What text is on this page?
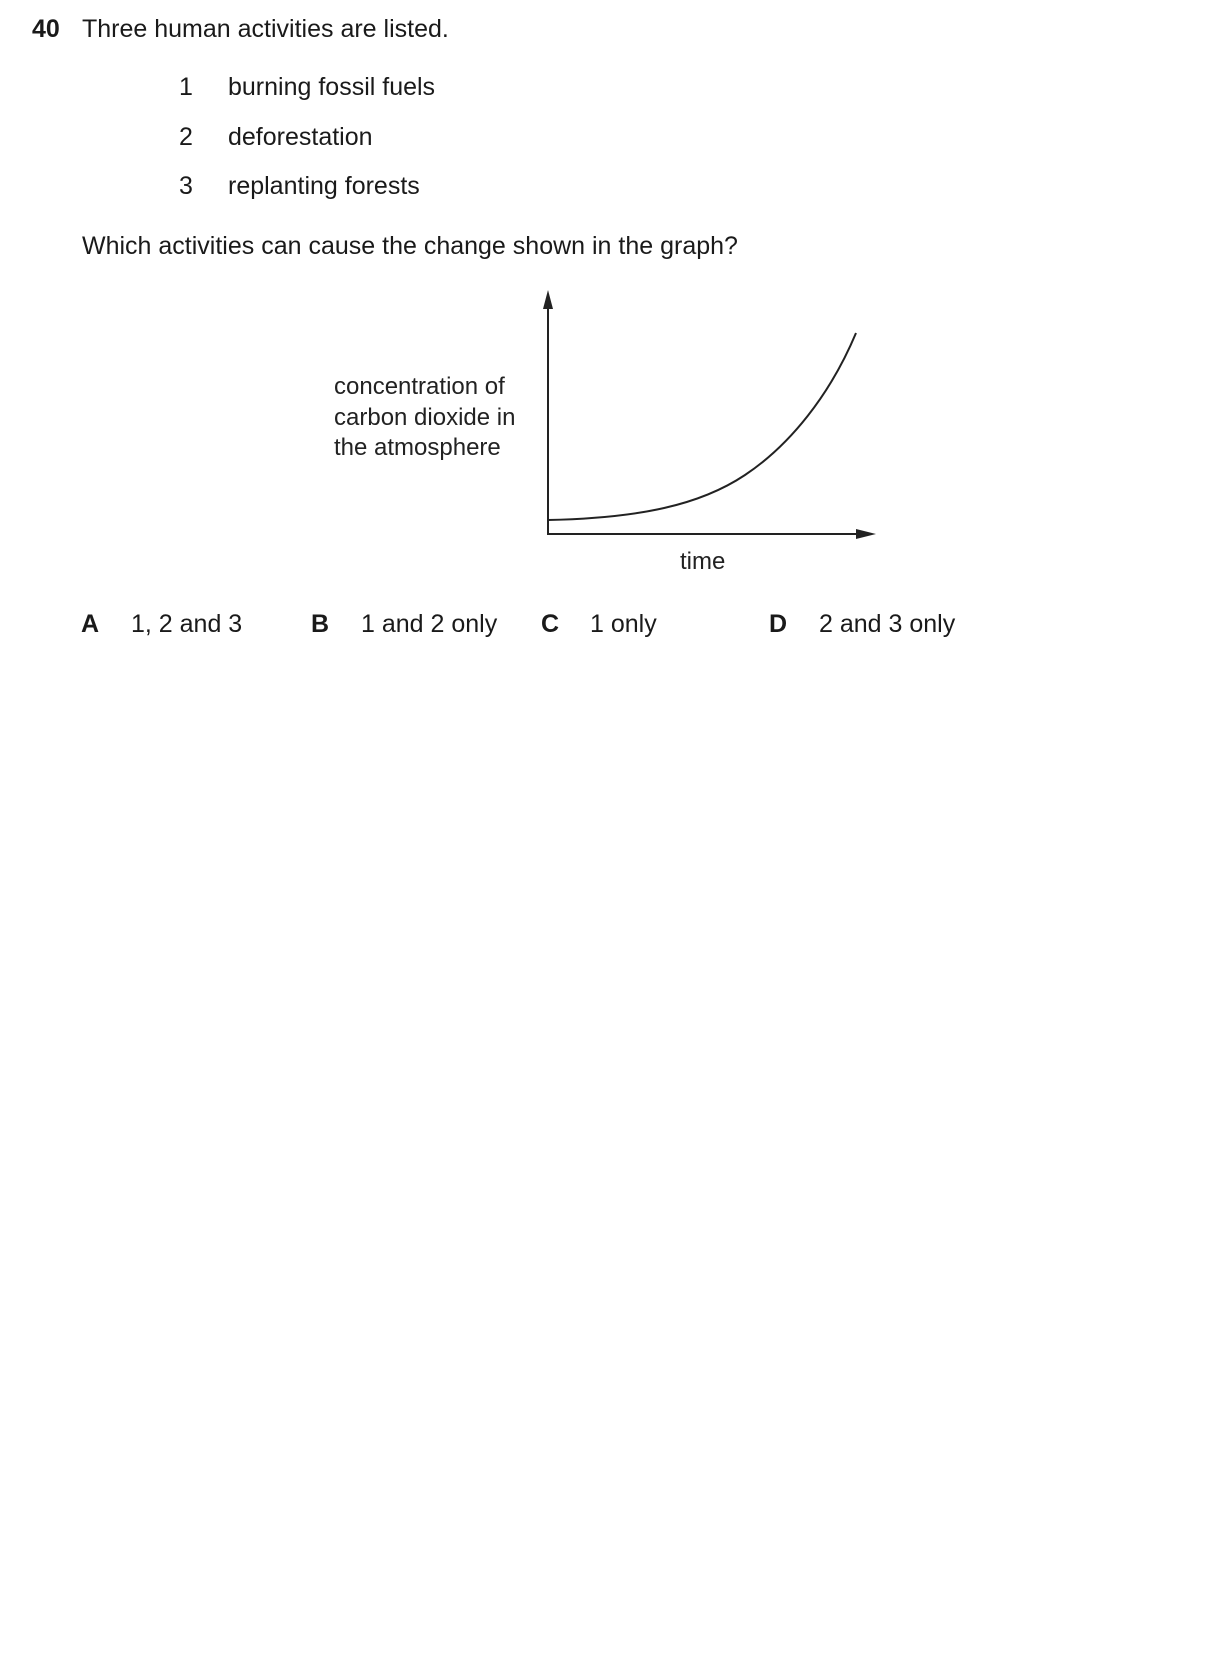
40 Three human activities are listed.
1 burning fossil fuels
2 deforestation
3 replanting forests
Which activities can cause the change shown in the graph?
concentration of
carbon dioxide in
the atmosphere
time
A 1, 2 and 3	B 1 and 2 only C 1 only	D 2 and 3 only
